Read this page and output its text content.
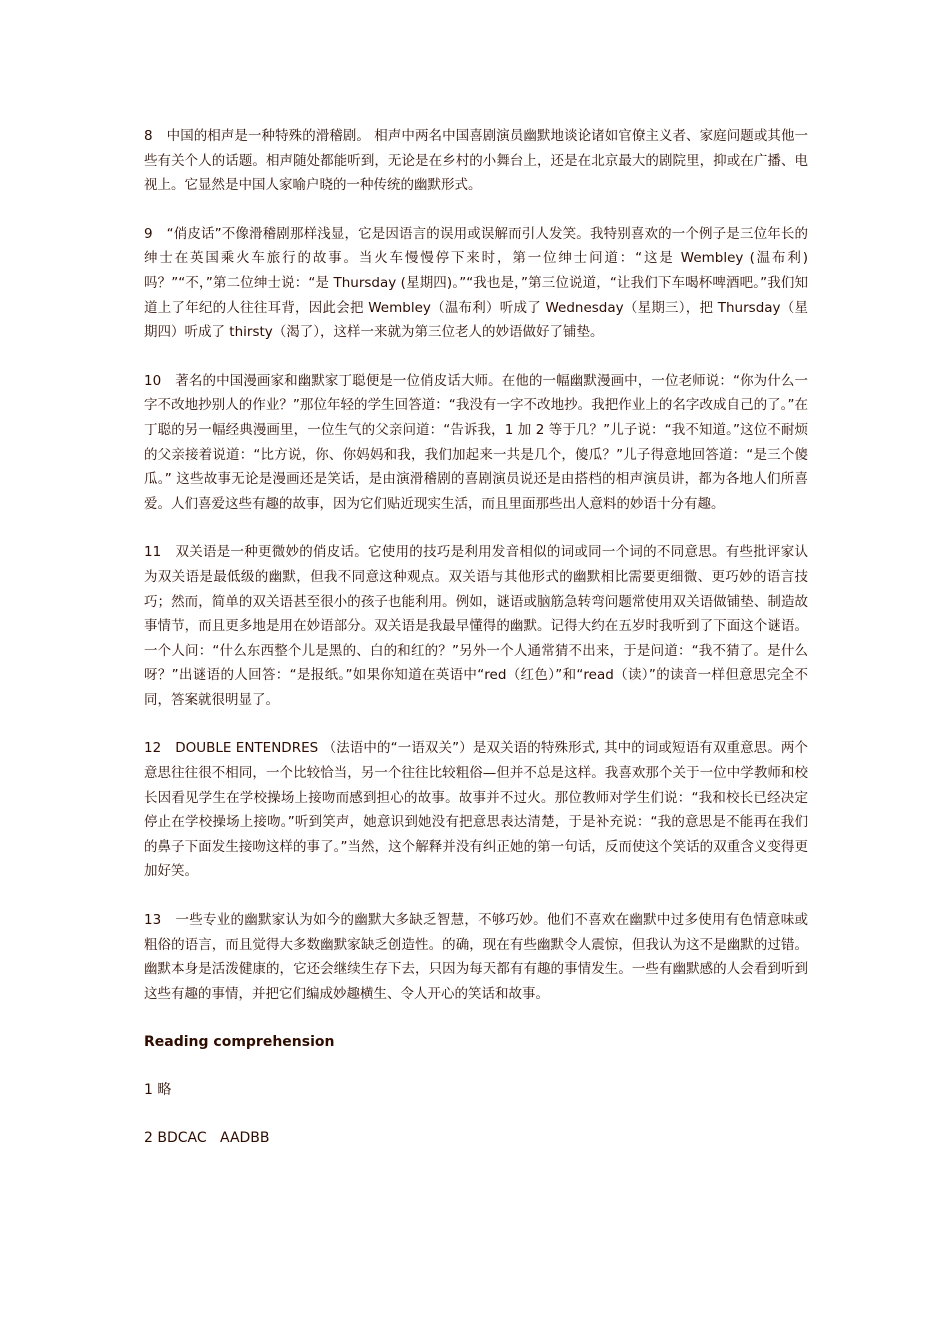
8 中国的相声是一种特殊的滑稽剧。 相声中两名中国喜剧演员幽默地谈论诸如官僚主义者、家庭问题或其他一些有关个人的话题。相声随处都能听到，无论是在乡村的小舞台上，还是在北京最大的剧院里，抑或在广播、电视上。它显然是中国人家喻户晓的一种传统的幽默形式。

9 “俏皮话”不像滑稽剧那样浅显，它是因语言的误用或误解而引人发笑。我特别喜欢的一个例子是三位年长的绅士在英国乘火车旅行的故事。当火车慢慢停下来时，第一位绅士问道：“这是 Wembley (温布利)吗？”“不，”第二位绅士说：“是 Thursday (星期四)。”“我也是，”第三位说道，“让我们下车喝杯啤酒吧。”我们知道上了年纪的人往往耳背，因此会把 Wembley（温布利）听成了 Wednesday（星期三），把 Thursday（星期四）听成了 thirsty（渴了），这样一来就为第三位老人的妙语做好了铺垫。

10 著名的中国漫画家和幽默家丁聪便是一位俏皮话大师。在他的一幅幽默漫画中，一位老师说：“你为什么一字不改地抄别人的作业？”那位年轻的学生回答道：“我没有一字不改地抄。我把作业上的名字改成自己的了。”在丁聪的另一幅经典漫画里，一位生气的父亲问道：“告诉我，1 加 2 等于几？”儿子说：“我不知道。”这位不耐烦的父亲接着说道：“比方说，你、你妈妈和我，我们加起来一共是几个，傻瓜？”儿子得意地回答道：“是三个傻瓜。” 这些故事无论是漫画还是笑话，是由演滑稽剧的喜剧演员说还是由搭档的相声演员讲，都为各地人们所喜爱。人们喜爱这些有趣的故事，因为它们贴近现实生活，而且里面那些出人意料的妙语十分有趣。

11 双关语是一种更微妙的俏皮话。它使用的技巧是利用发音相似的词或同一个词的不同意思。有些批评家认为双关语是最低级的幽默，但我不同意这种观点。双关语与其他形式的幽默相比需要更细微、更巧妙的语言技巧；然而，简单的双关语甚至很小的孩子也能利用。例如，谜语或脑筋急转弯问题常使用双关语做铺垫、制造故事情节，而且更多地是用在妙语部分。双关语是我最早懂得的幽默。记得大约在五岁时我听到了下面这个谜语。一个人问：“什么东西整个儿是黑的、白的和红的？”另外一个人通常猜不出来，于是问道：“我不猜了。是什么呀？”出谜语的人回答：“是报纸。”如果你知道在英语中“red（红色）”和“read（读）”的读音一样但意思完全不同，答案就很明显了。

12 DOUBLE ENTENDRES （法语中的“一语双关”）是双关语的特殊形式, 其中的词或短语有双重意思。两个意思往往很不相同，一个比较恰当，另一个往往比较粗俗—但并不总是这样。我喜欢那个关于一位中学教师和校长因看见学生在学校操场上接吻而感到担心的故事。故事并不过火。那位教师对学生们说：“我和校长已经决定停止在学校操场上接吻。”听到笑声，她意识到她没有把意思表达清楚，于是补充说：“我的意思是不能再在我们的鼻子下面发生接吻这样的事了。”当然，这个解释并没有纠正她的第一句话，反而使这个笑话的双重含义变得更加好笑。

13 一些专业的幽默家认为如今的幽默大多缺乏智慧，不够巧妙。他们不喜欢在幽默中过多使用有色情意味或粗俗的语言，而且觉得大多数幽默家缺乏创造性。的确，现在有些幽默令人震惊，但我认为这不是幽默的过错。幽默本身是活泼健康的，它还会继续生存下去，只因为每天都有有趣的事情发生。一些有幽默感的人会看到听到这些有趣的事情，并把它们编成妙趣横生、令人开心的笑话和故事。

Reading comprehension
1 略
2 BDCAC   AADBB
